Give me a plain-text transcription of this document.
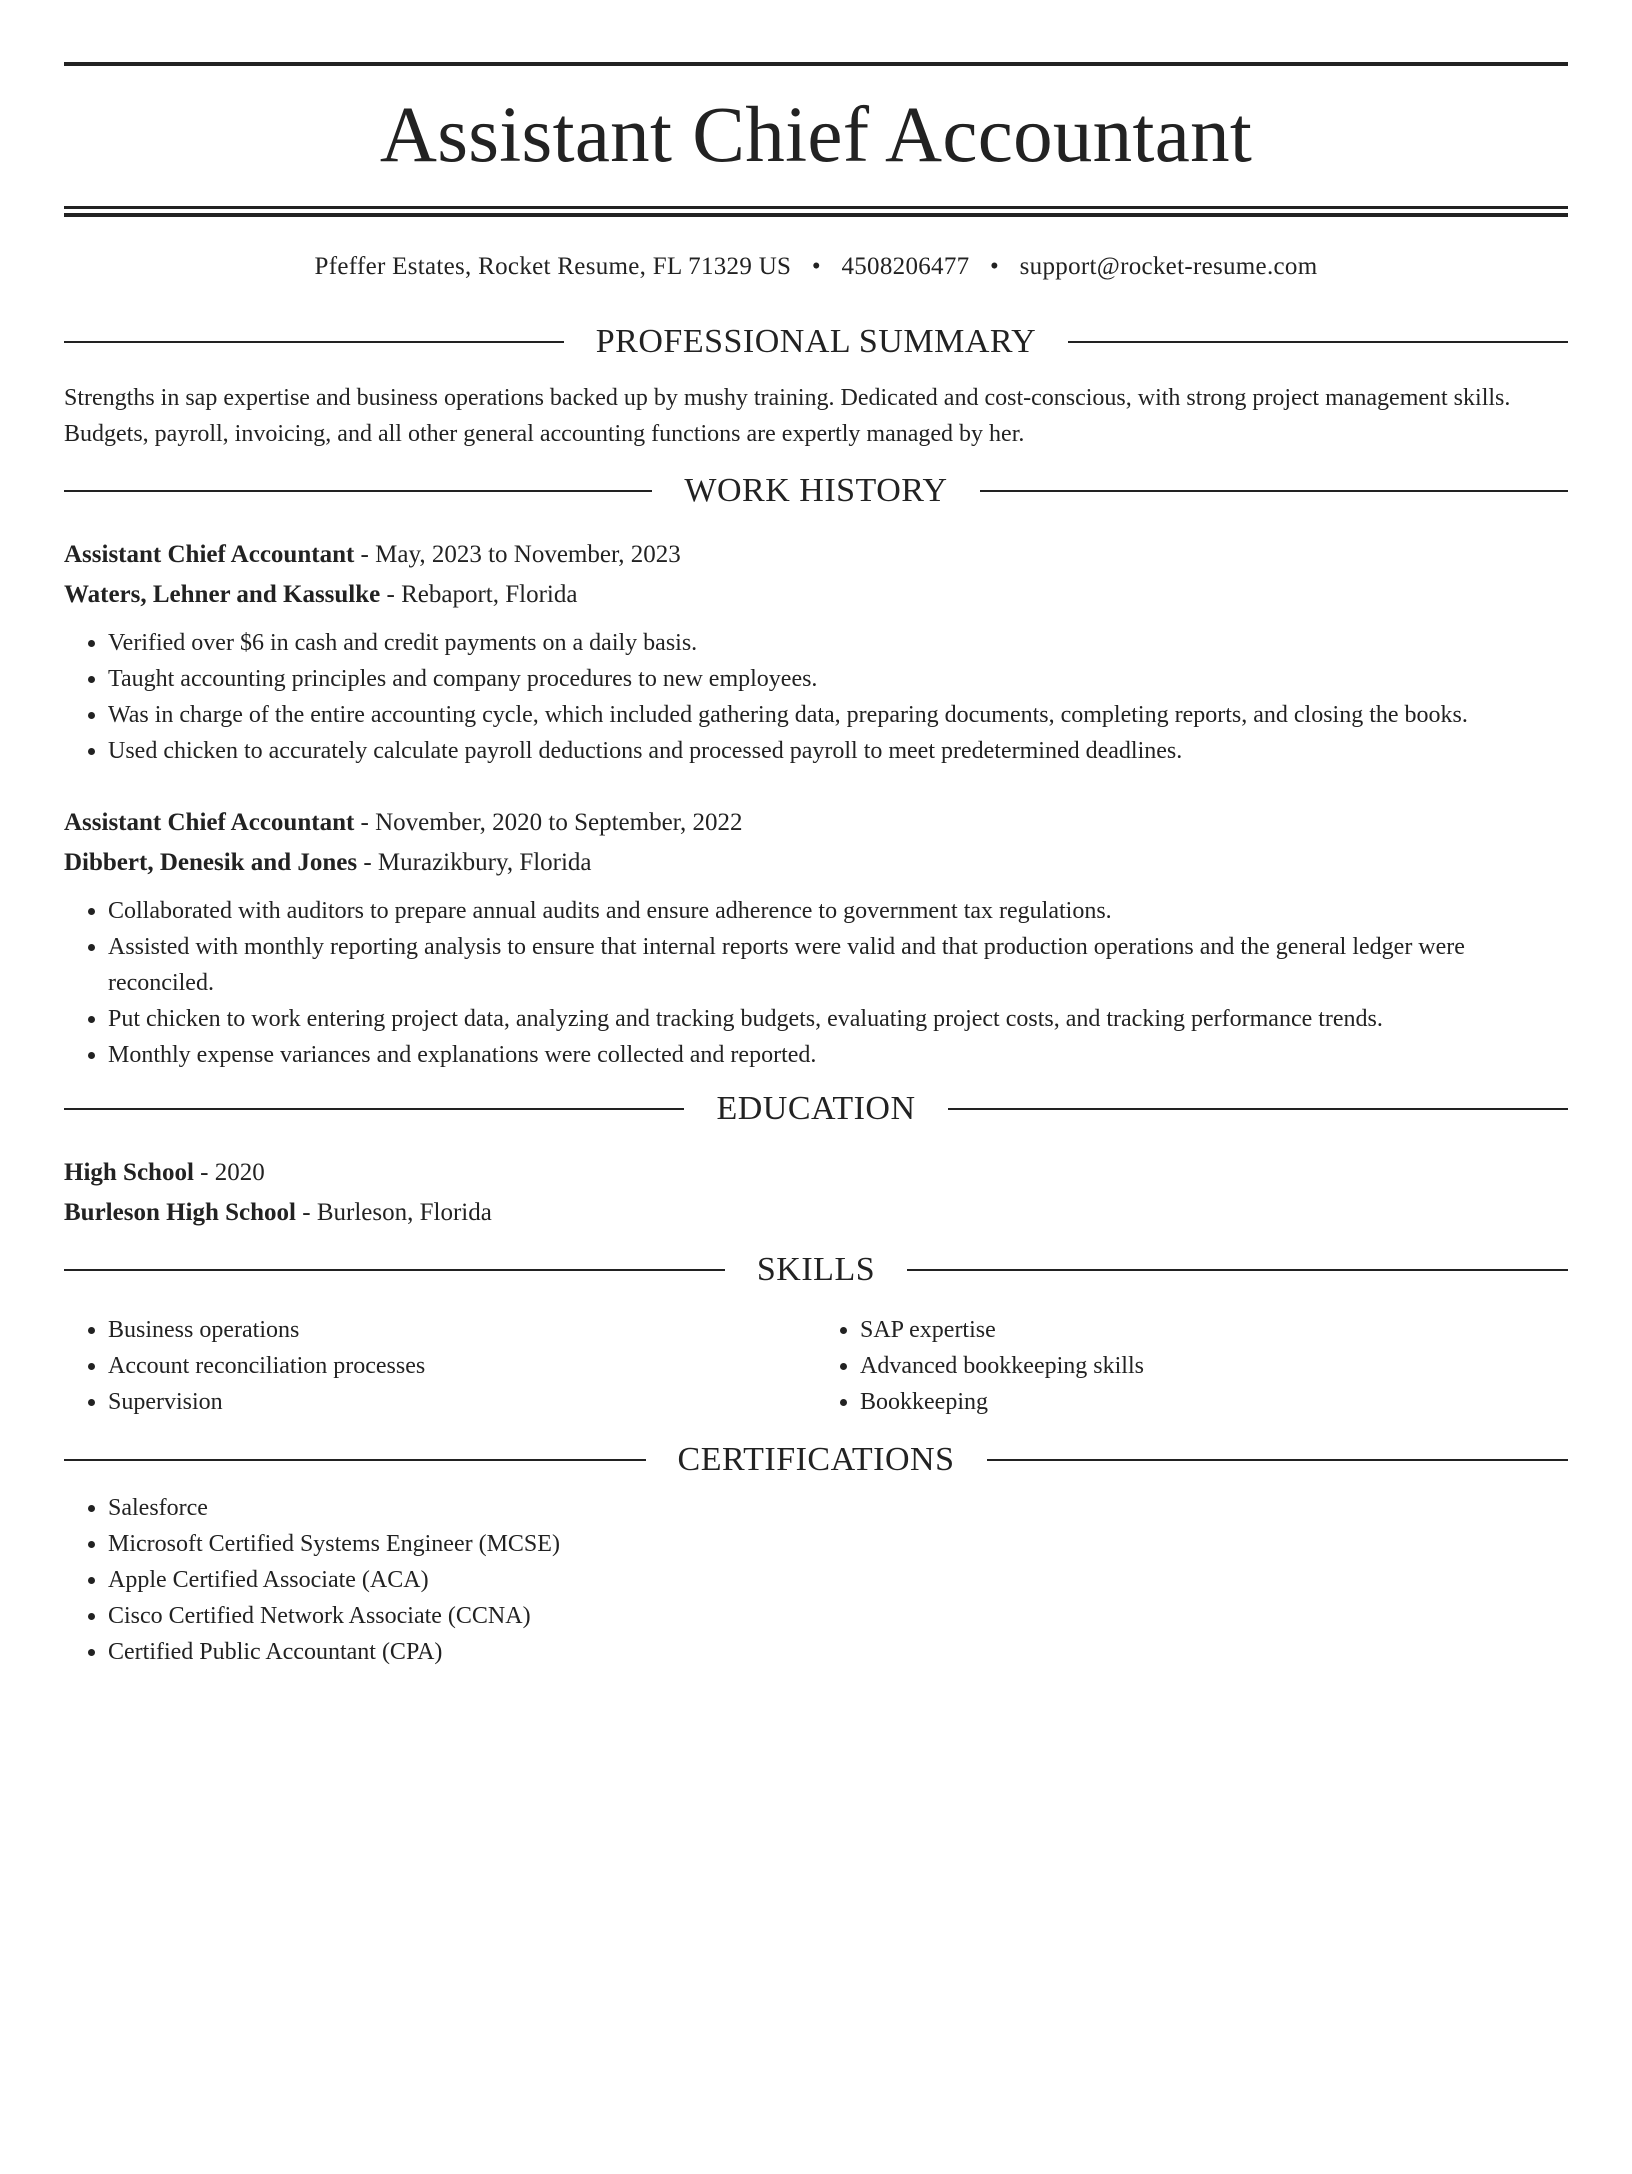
Assistant Chief Accountant
Pfeffer Estates, Rocket Resume, FL 71329 US • 4508206477 • support@rocket-resume.com
PROFESSIONAL SUMMARY
Strengths in sap expertise and business operations backed up by mushy training. Dedicated and cost-conscious, with strong project management skills. Budgets, payroll, invoicing, and all other general accounting functions are expertly managed by her.
WORK HISTORY
Assistant Chief Accountant - May, 2023 to November, 2023
Waters, Lehner and Kassulke - Rebaport, Florida
• Verified over $6 in cash and credit payments on a daily basis.
• Taught accounting principles and company procedures to new employees.
• Was in charge of the entire accounting cycle, which included gathering data, preparing documents, completing reports, and closing the books.
• Used chicken to accurately calculate payroll deductions and processed payroll to meet predetermined deadlines.
Assistant Chief Accountant - November, 2020 to September, 2022
Dibbert, Denesik and Jones - Murazikbury, Florida
• Collaborated with auditors to prepare annual audits and ensure adherence to government tax regulations.
• Assisted with monthly reporting analysis to ensure that internal reports were valid and that production operations and the general ledger were reconciled.
• Put chicken to work entering project data, analyzing and tracking budgets, evaluating project costs, and tracking performance trends.
• Monthly expense variances and explanations were collected and reported.
EDUCATION
High School - 2020
Burleson High School - Burleson, Florida
SKILLS
• Business operations
• Account reconciliation processes
• Supervision
• SAP expertise
• Advanced bookkeeping skills
• Bookkeeping
CERTIFICATIONS
• Salesforce
• Microsoft Certified Systems Engineer (MCSE)
• Apple Certified Associate (ACA)
• Cisco Certified Network Associate (CCNA)
• Certified Public Accountant (CPA)
